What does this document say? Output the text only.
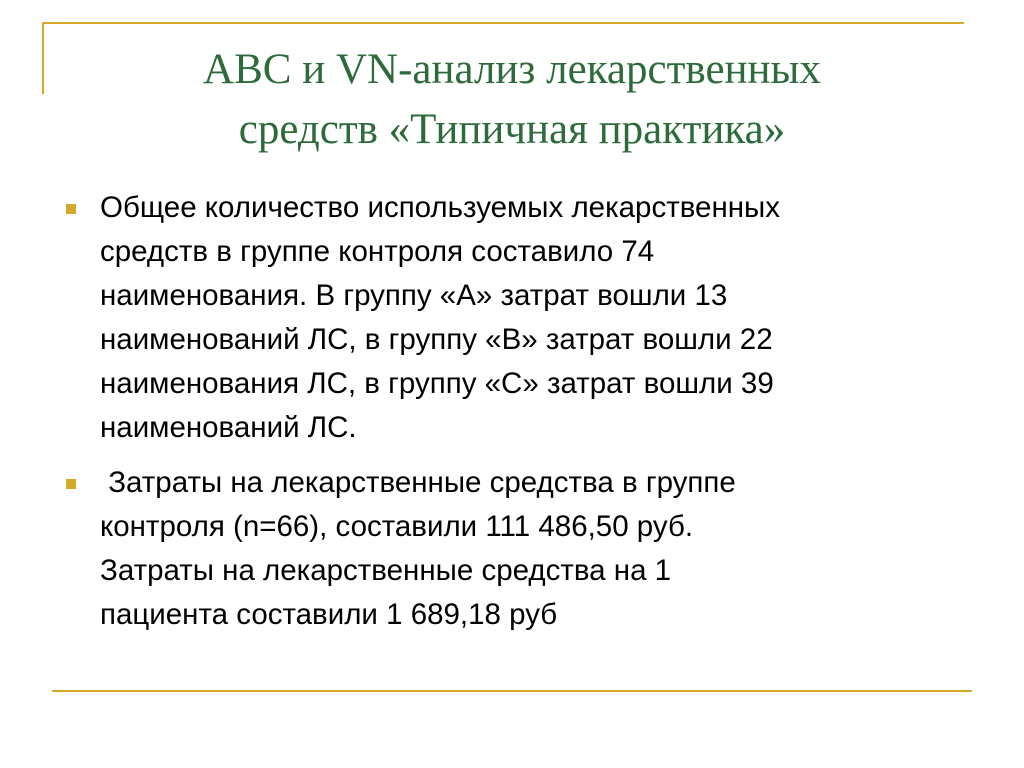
ABC и VN-анализ лекарственных
средств «Типичная практика»
Общее количество используемых лекарственных
средств в группе контроля составило 74
наименования. В группу «А» затрат вошли 13
наименований ЛС, в группу «В» затрат вошли 22
наименования ЛС, в группу «С» затрат вошли 39
наименований ЛС.
Затраты на лекарственные средства в группе
контроля (n=66), составили 111 486,50 руб.
Затраты на лекарственные средства на 1
пациента составили 1 689,18 руб
